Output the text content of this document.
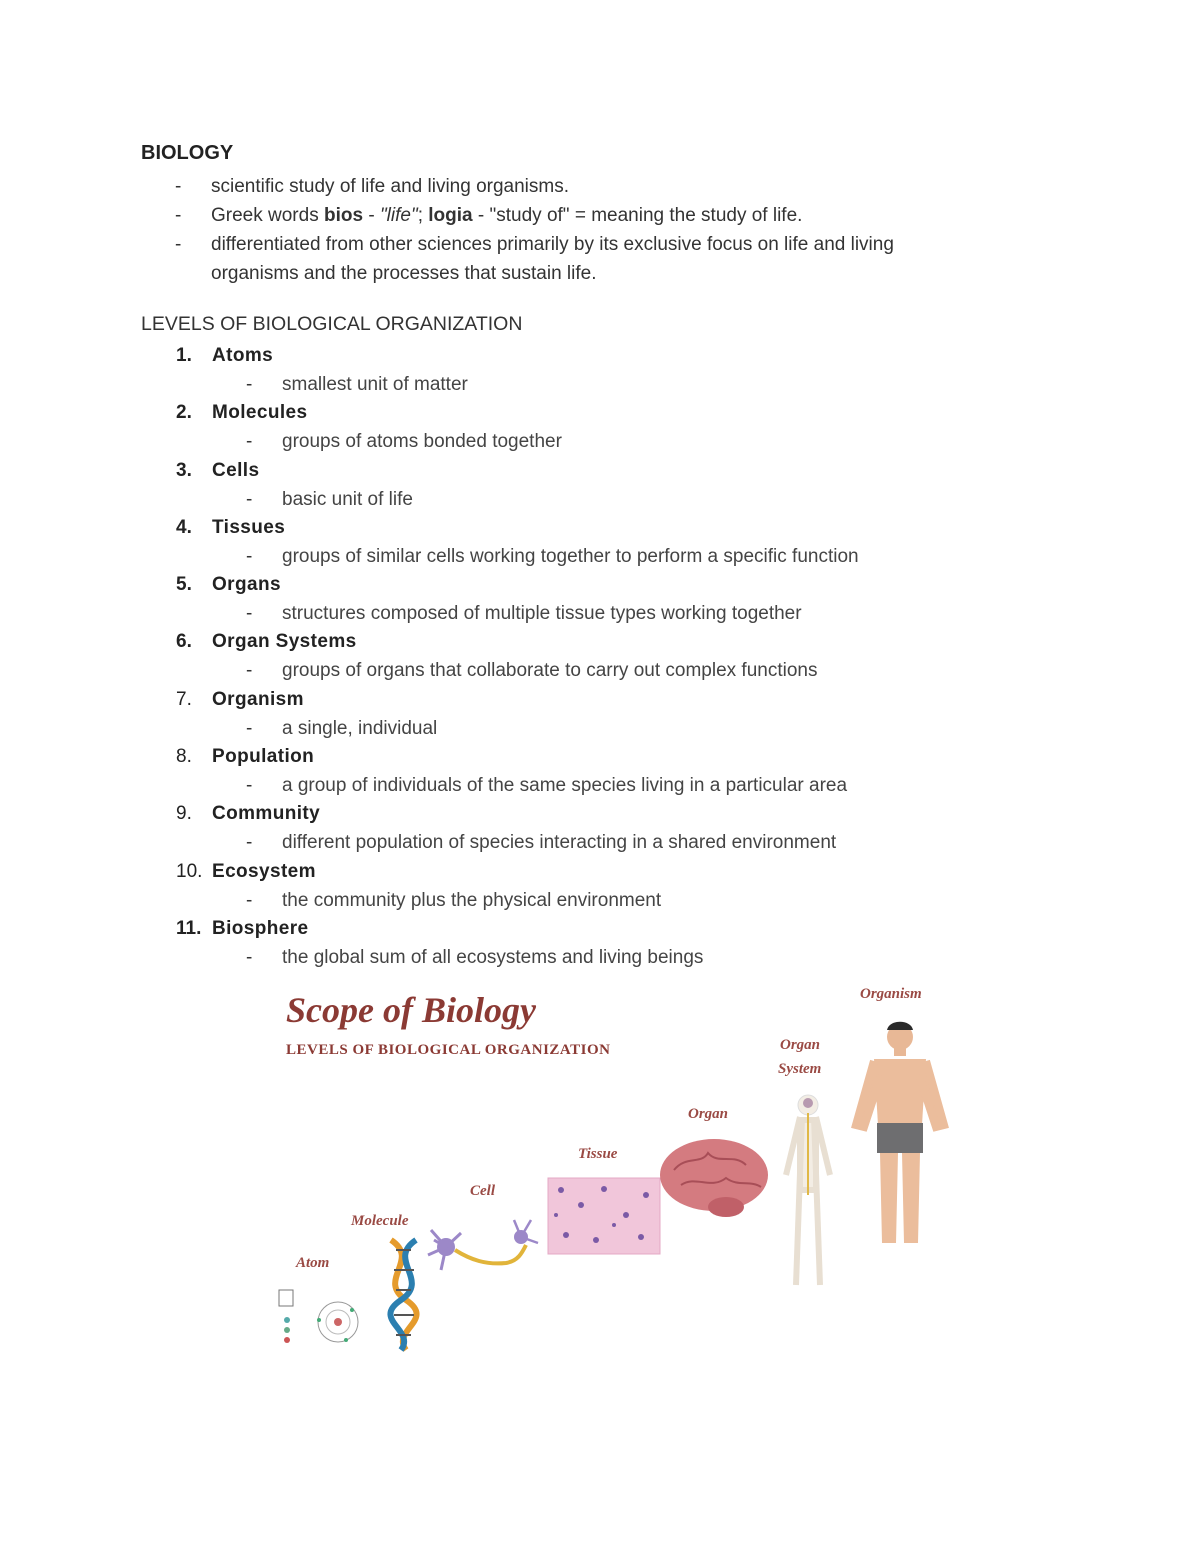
BIOLOGY
- scientific study of life and living organisms.
- Greek words bios - "life"; logia - "study of" = meaning the study of life.
- differentiated from other sciences primarily by its exclusive focus on life and living
organisms and the processes that sustain life.
LEVELS OF BIOLOGICAL ORGANIZATION
1. Atoms
- smallest unit of matter
2. Molecules
- groups of atoms bonded together
3. Cells
- basic unit of life
4. Tissues
- groups of similar cells working together to perform a specific function
5. Organs
- structures composed of multiple tissue types working together
6. Organ Systems
- groups of organs that collaborate to carry out complex functions
7. Organism
- a single, individual
8. Population
- a group of individuals of the same species living in a particular area
9. Community
- different population of species interacting in a shared environment
10. Ecosystem
- the community plus the physical environment
11. Biosphere
- the global sum of all ecosystems and living beings
Scope of Biology
LEVELS OF BIOLOGICAL ORGANIZATION
Atom
Molecule
Cell
Tissue
Organ
Organ
System
Organism
